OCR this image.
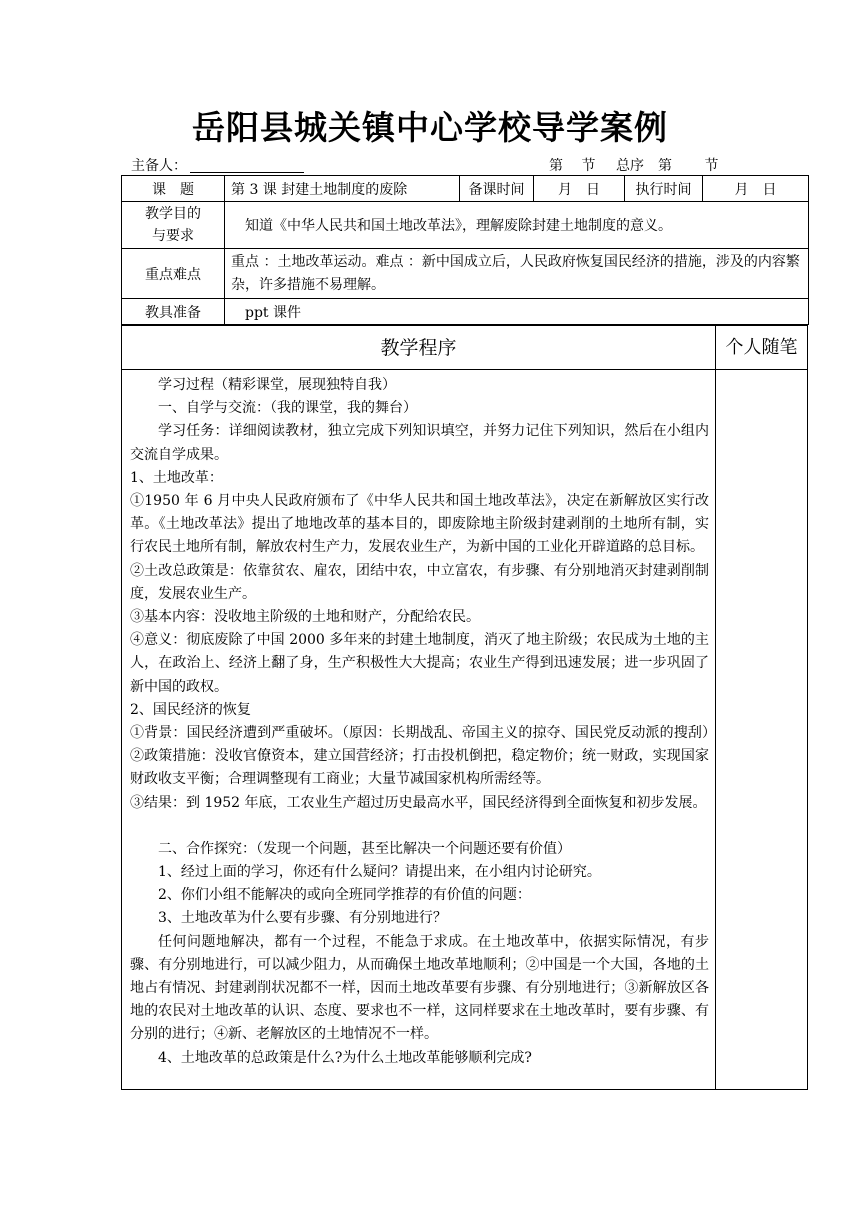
岳阳县城关镇中心学校导学案例
主备人：	第　 节 总序　第　　 节
课　题	第 3 课 封建土地制度的废除	备课时间	月　日	执行时间	月　日

教学目的
与要求	知道《中华人民共和国土地改革法》，理解废除封建土地制度的意义。				
重点难点	重点 ：土地改革运动。难点 ：新中国成立后，人民政府恢复国民经济的措施，涉及的内容繁杂，许多措施不易理解。				
教具准备	ppt 课件				
教学程序	个人随笔

学习过程（精彩课堂，展现独特自我）

一、自学与交流：（我的课堂，我的舞台）

学习任务：详细阅读教材，独立完成下列知识填空，并努力记住下列知识，然后在小组内交流自学成果。

1、土地改革：

①1950 年 6 月中央人民政府颁布了《中华人民共和国土地改革法》，决定在新解放区实行改革。《土地改革法》提出了地地改革的基本目的，即废除地主阶级封建剥削的土地所有制，实行农民土地所有制，解放农村生产力，发展农业生产，为新中国的工业化开辟道路的总目标。

②土改总政策是：依靠贫农、雇农，团结中农，中立富农，有步骤、有分别地消灭封建剥削制度，发展农业生产。

③基本内容：没收地主阶级的土地和财产，分配给农民。

④意义：彻底废除了中国 2000 多年来的封建土地制度，消灭了地主阶级；农民成为土地的主人，在政治上、经济上翻了身，生产积极性大大提高；农业生产得到迅速发展；进一步巩固了新中国的政权。

2、国民经济的恢复

①背景：国民经济遭到严重破坏。（原因：长期战乱、帝国主义的掠夺、国民党反动派的搜刮）　②政策措施：没收官僚资本，建立国营经济；打击投机倒把，稳定物价；统一财政，实现国家财政收支平衡；合理调整现有工商业；大量节减国家机构所需经等。

③结果：到 1952 年底，工农业生产超过历史最高水平，国民经济得到全面恢复和初步发展。

二、合作探究：（发现一个问题，甚至比解决一个问题还要有价值）

1、经过上面的学习，你还有什么疑问？请提出来，在小组内讨论研究。

2、你们小组不能解决的或向全班同学推荐的有价值的问题：

3、土地改革为什么要有步骤、有分别地进行？

任何问题地解决，都有一个过程，不能急于求成。在土地改革中，依据实际情况，有步骤、有分别地进行，可以减少阻力，从而确保土地改革地顺利；②中国是一个大国，各地的土地占有情况、封建剥削状况都不一样，因而土地改革要有步骤、有分别地进行；③新解放区各地的农民对土地改革的认识、态度、要求也不一样，这同样要求在土地改革时，要有步骤、有分别的进行；④新、老解放区的土地情况不一样。

4、土地改革的总政策是什么?为什么土地改革能够顺利完成?
